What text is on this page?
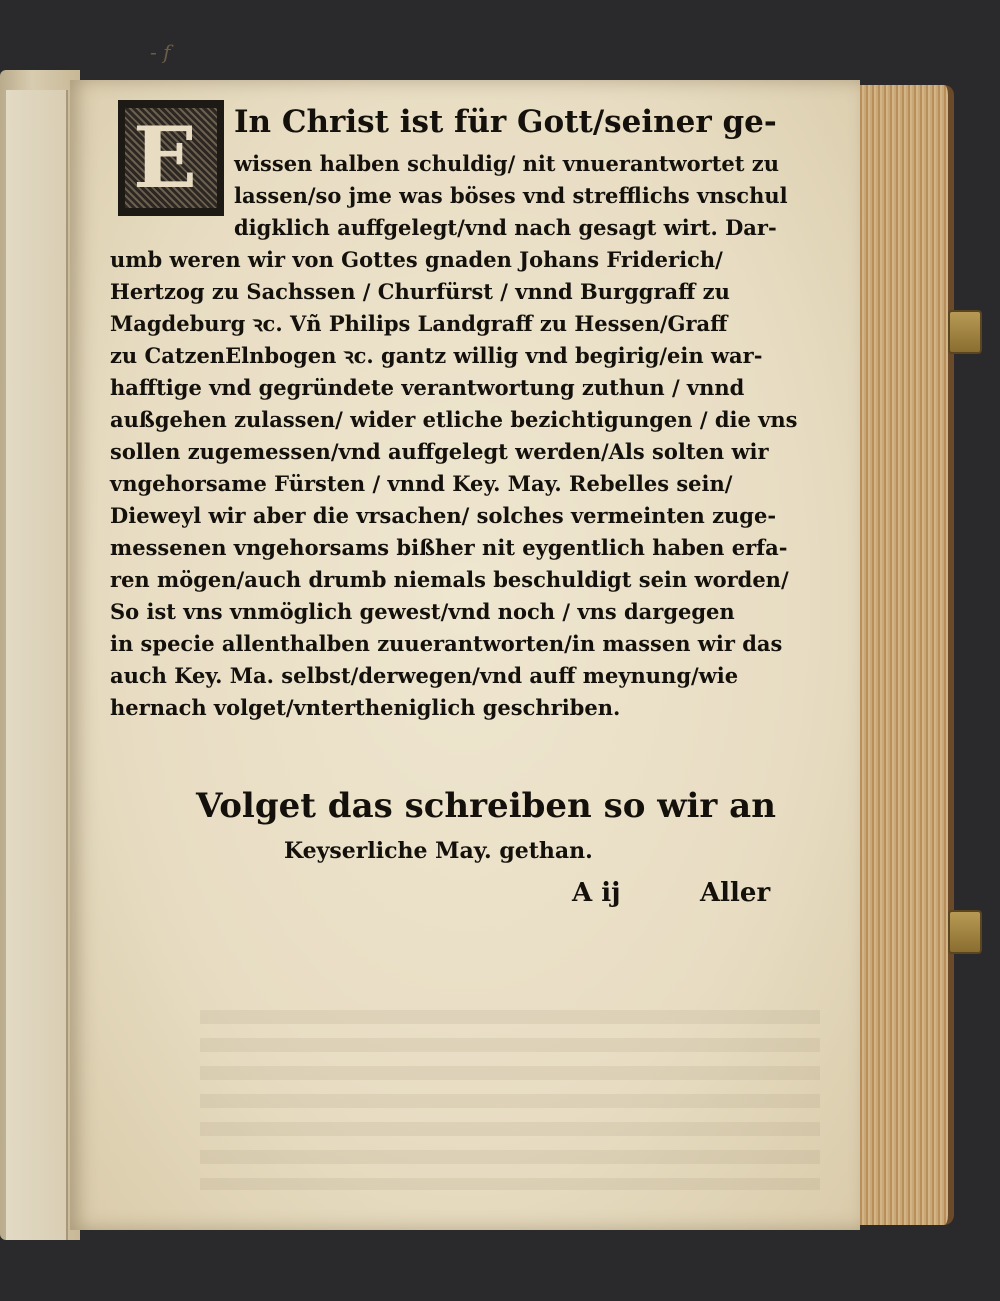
- f
E	In Christ ist für Gott/seiner ge-
wissen halben schuldig/ nit vnuerantwortet zu
lassen/so jme was böses vnd strefflichs vnschul
digklich auffgelegt/vnd nach gesagt wirt. Dar-
umb weren wir von Gottes gnaden Johans Friderich/
Hertzog zu Sachssen / Churfürst / vnnd Burggraff zu
Magdeburg ꝛc. Vñ Philips Landgraff zu Hessen/Graff
zu CatzenElnbogen ꝛc. gantz willig vnd begirig/ein war-
hafftige vnd gegründete verantwortung zuthun / vnnd
außgehen zulassen/ wider etliche bezichtigungen / die vns
sollen zugemessen/vnd auffgelegt werden/Als solten wir
vngehorsame Fürsten / vnnd Key. May. Rebelles sein/
Dieweyl wir aber die vrsachen/ solches vermeinten zuge-
messenen vngehorsams bißher nit eygentlich haben erfa-
ren mögen/auch drumb niemals beschuldigt sein worden/
So ist vns vnmöglich gewest/vnd noch / vns dargegen
in specie allenthalben zuuerantworten/in massen wir das
auch Key. Ma. selbst/derwegen/vnd auff meynung/wie
hernach volget/vntertheniglich geschriben.
Volget das schreiben so wir an
Keyserliche May. gethan.
A ij	Aller
